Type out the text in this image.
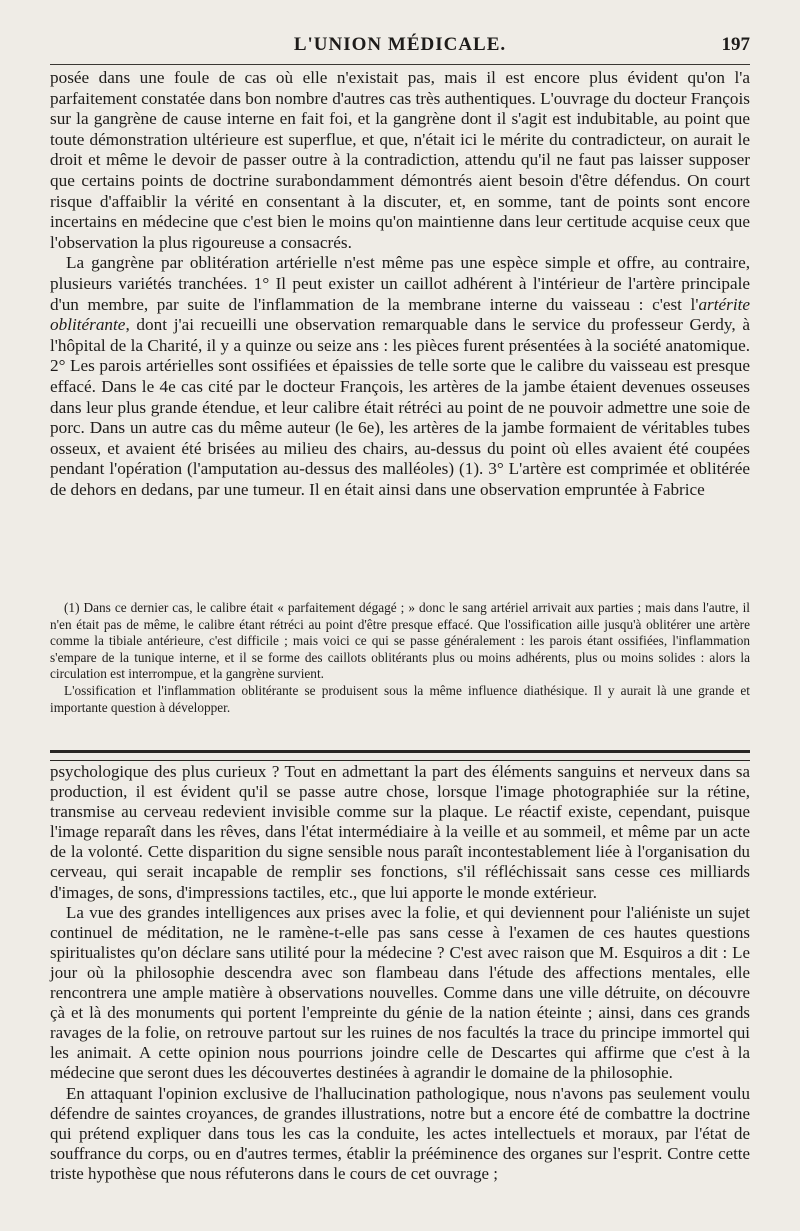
L'UNION MÉDICALE.	197

posée dans une foule de cas où elle n'existait pas, mais il est encore plus évident qu'on l'a parfaitement constatée dans bon nombre d'autres cas très authentiques. L'ouvrage du docteur François sur la gangrène de cause interne en fait foi, et la gangrène dont il s'agit est indubitable, au point que toute démonstration ultérieure est superflue, et que, n'était ici le mérite du contradicteur, on aurait le droit et même le devoir de passer outre à la contradiction, attendu qu'il ne faut pas laisser supposer que certains points de doctrine surabondamment démontrés aient besoin d'être défendus. On court risque d'affaiblir la vérité en consentant à la discuter, et, en somme, tant de points sont encore incertains en médecine que c'est bien le moins qu'on maintienne dans leur certitude acquise ceux que l'observation la plus rigoureuse a consacrés.

La gangrène par oblitération artérielle n'est même pas une espèce simple et offre, au contraire, plusieurs variétés tranchées. 1° Il peut exister un caillot adhérent à l'intérieur de l'artère principale d'un membre, par suite de l'inflammation de la membrane interne du vaisseau : c'est l'artérite oblitérante, dont j'ai recueilli une observation remarquable dans le service du professeur Gerdy, à l'hôpital de la Charité, il y a quinze ou seize ans : les pièces furent présentées à la société anatomique. 2° Les parois artérielles sont ossifiées et épaissies de telle sorte que le calibre du vaisseau est presque effacé. Dans le 4e cas cité par le docteur François, les artères de la jambe étaient devenues osseuses dans leur plus grande étendue, et leur calibre était rétréci au point de ne pouvoir admettre une soie de porc. Dans un autre cas du même auteur (le 6e), les artères de la jambe formaient de véritables tubes osseux, et avaient été brisées au milieu des chairs, au-dessus du point où elles avaient été coupées pendant l'opération (l'amputation au-dessus des malléoles) (1). 3° L'artère est comprimée et oblitérée de dehors en dedans, par une tumeur. Il en était ainsi dans une observation empruntée à Fabrice

(1) Dans ce dernier cas, le calibre était « parfaitement dégagé ; » donc le sang artériel arrivait aux parties ; mais dans l'autre, il n'en était pas de même, le calibre étant rétréci au point d'être presque effacé. Que l'ossification aille jusqu'à oblitérer une artère comme la tibiale antérieure, c'est difficile ; mais voici ce qui se passe généralement : les parois étant ossifiées, l'inflammation s'empare de la tunique interne, et il se forme des caillots oblitérants plus ou moins adhérents, plus ou moins solides : alors la circulation est interrompue, et la gangrène survient.

L'ossification et l'inflammation oblitérante se produisent sous la même influence diathésique. Il y aurait là une grande et importante question à développer.

psychologique des plus curieux ? Tout en admettant la part des éléments sanguins et nerveux dans sa production, il est évident qu'il se passe autre chose, lorsque l'image photographiée sur la rétine, transmise au cerveau redevient invisible comme sur la plaque. Le réactif existe, cependant, puisque l'image reparaît dans les rêves, dans l'état intermédiaire à la veille et au sommeil, et même par un acte de la volonté. Cette disparition du signe sensible nous paraît incontestablement liée à l'organisation du cerveau, qui serait incapable de remplir ses fonctions, s'il réfléchissait sans cesse ces milliards d'images, de sons, d'impressions tactiles, etc., que lui apporte le monde extérieur.

La vue des grandes intelligences aux prises avec la folie, et qui deviennent pour l'aliéniste un sujet continuel de méditation, ne le ramène-t-elle pas sans cesse à l'examen de ces hautes questions spiritualistes qu'on déclare sans utilité pour la médecine ? C'est avec raison que M. Esquiros a dit : Le jour où la philosophie descendra avec son flambeau dans l'étude des affections mentales, elle rencontrera une ample matière à observations nouvelles. Comme dans une ville détruite, on découvre çà et là des monuments qui portent l'empreinte du génie de la nation éteinte ; ainsi, dans ces grands ravages de la folie, on retrouve partout sur les ruines de nos facultés la trace du principe immortel qui les animait. A cette opinion nous pourrions joindre celle de Descartes qui affirme que c'est à la médecine que seront dues les découvertes destinées à agrandir le domaine de la philosophie.

En attaquant l'opinion exclusive de l'hallucination pathologique, nous n'avons pas seulement voulu défendre de saintes croyances, de grandes illustrations, notre but a encore été de combattre la doctrine qui prétend expliquer dans tous les cas la conduite, les actes intellectuels et moraux, par l'état de souffrance du corps, ou en d'autres termes, établir la prééminence des organes sur l'esprit. Contre cette triste hypothèse que nous réfuterons dans le cours de cet ouvrage ;
